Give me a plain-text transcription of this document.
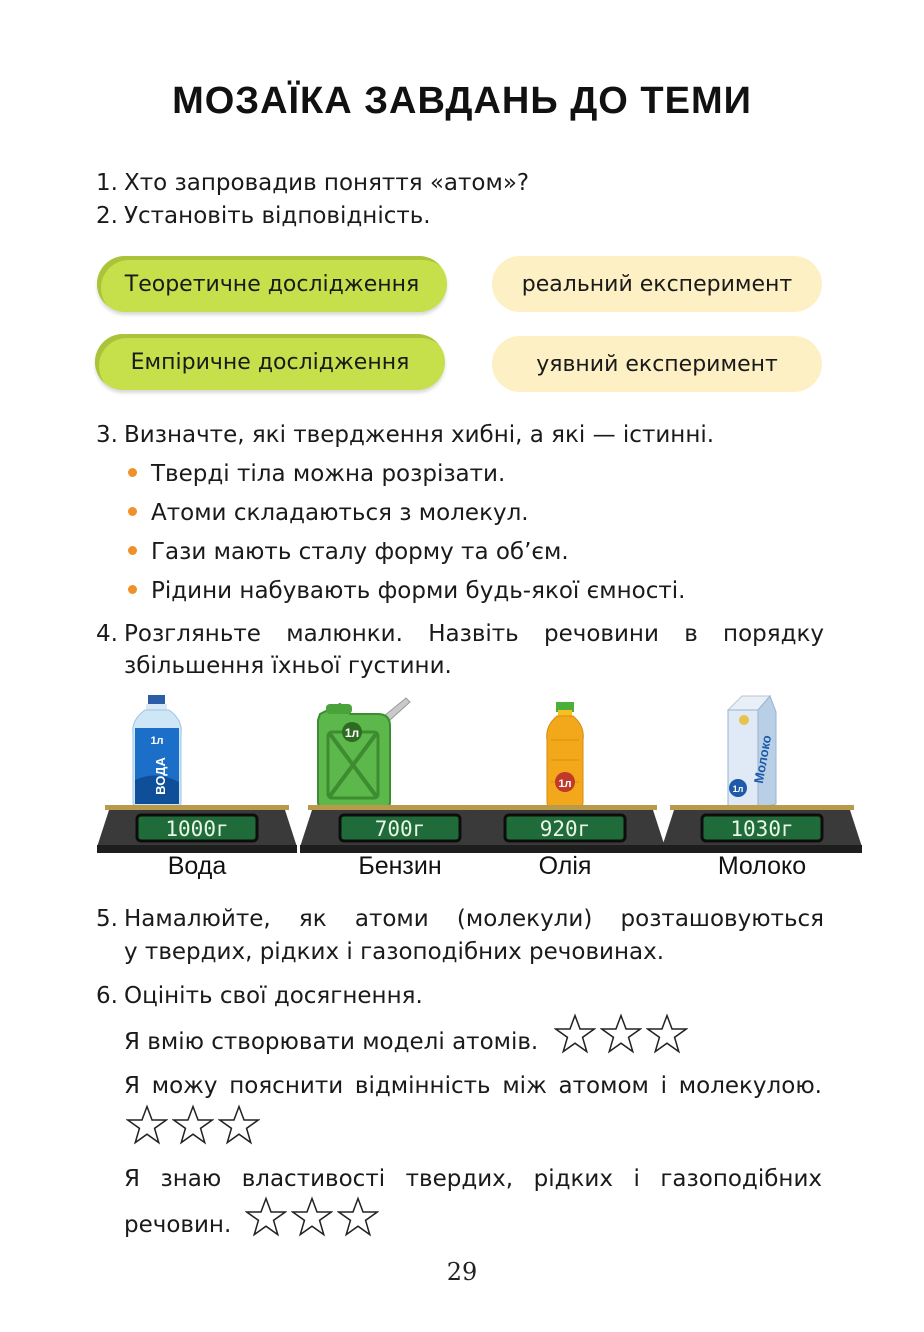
МОЗАЇКА ЗАВДАНЬ ДО ТЕМИ
1. Хто запровадив поняття «атом»?
2. Установіть відповідність.
Теоретичне дослідження
Емпіричне дослідження
реальний експеримент
уявний експеримент
3. Визначте, які твердження хибні, а які — істинні.
Тверді тіла можна розрізати.
Атоми складаються з молекул.
Гази мають сталу форму та об’єм.
Рідини набувають форми будь-якої ємності.
4. Розгляньте малюнки. Назвіть речовини в порядку
збільшення їхньої густини.
1л
ВОДА
1000г
Вода
1л
700г
Бензин
1л
920г
Олія
1л
Молоко
1030г
Молоко
5. Намалюйте, як атоми (молекули) розташовуються
у твердих, рідких і газоподібних речовинах.
6. Оцініть свої досягнення.
Я вмію створювати моделі атомів.
Я можу пояснити відмінність між атомом і молекулою.
Я знаю властивості твердих, рідких і газоподібних
речовин.
29
